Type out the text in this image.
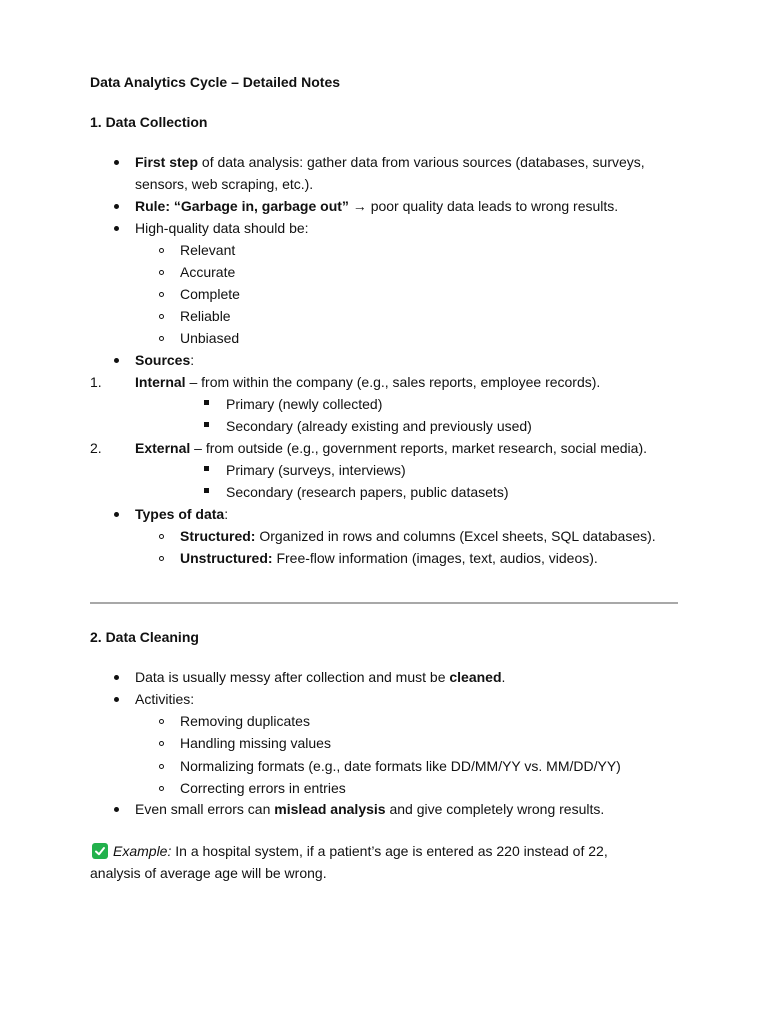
Data Analytics Cycle – Detailed Notes
1. Data Collection
First step of data analysis: gather data from various sources (databases, surveys,
sensors, web scraping, etc.).
Rule: “Garbage in, garbage out” → poor quality data leads to wrong results.
High-quality data should be:
Relevant
Accurate
Complete
Reliable
Unbiased
Sources:
1. Internal – from within the company (e.g., sales reports, employee records).
Primary (newly collected)
Secondary (already existing and previously used)
2. External – from outside (e.g., government reports, market research, social media).
Primary (surveys, interviews)
Secondary (research papers, public datasets)
Types of data:
Structured: Organized in rows and columns (Excel sheets, SQL databases).
Unstructured: Free-flow information (images, text, audios, videos).
2. Data Cleaning
Data is usually messy after collection and must be cleaned.
Activities:
Removing duplicates
Handling missing values
Normalizing formats (e.g., date formats like DD/MM/YY vs. MM/DD/YY)
Correcting errors in entries
Even small errors can mislead analysis and give completely wrong results.
Example: In a hospital system, if a patient’s age is entered as 220 instead of 22,
analysis of average age will be wrong.
